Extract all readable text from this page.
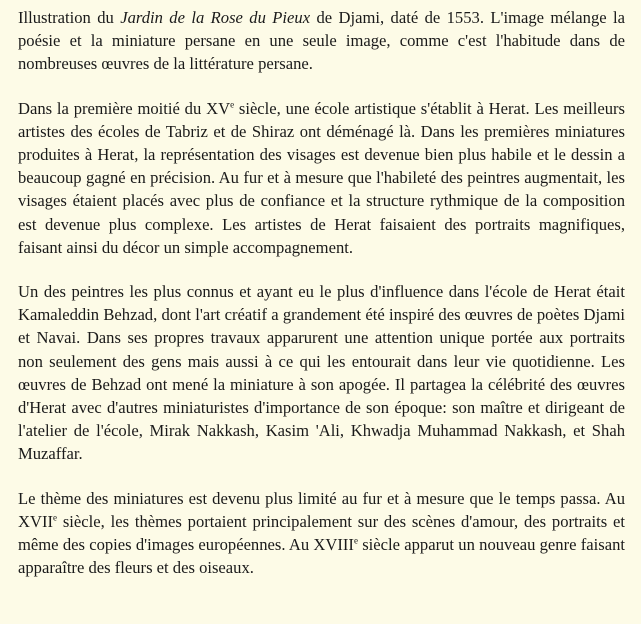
Illustration du Jardin de la Rose du Pieux de Djami, daté de 1553. L'image mélange la poésie et la miniature persane en une seule image, comme c'est l'habitude dans de nombreuses œuvres de la littérature persane.

Dans la première moitié du XVe siècle, une école artistique s'établit à Herat. Les meilleurs artistes des écoles de Tabriz et de Shiraz ont déménagé là. Dans les premières miniatures produites à Herat, la représentation des visages est devenue bien plus habile et le dessin a beaucoup gagné en précision. Au fur et à mesure que l'habileté des peintres augmentait, les visages étaient placés avec plus de confiance et la structure rythmique de la composition est devenue plus complexe. Les artistes de Herat faisaient des portraits magnifiques, faisant ainsi du décor un simple accompagnement.

Un des peintres les plus connus et ayant eu le plus d'influence dans l'école de Herat était Kamaleddin Behzad, dont l'art créatif a grandement été inspiré des œuvres de poètes Djami et Navai. Dans ses propres travaux apparurent une attention unique portée aux portraits non seulement des gens mais aussi à ce qui les entourait dans leur vie quotidienne. Les œuvres de Behzad ont mené la miniature à son apogée. Il partagea la célébrité des œuvres d'Herat avec d'autres miniaturistes d'importance de son époque: son maître et dirigeant de l'atelier de l'école, Mirak Nakkash, Kasim 'Ali, Khwadja Muhammad Nakkash, et Shah Muzaffar.

Le thème des miniatures est devenu plus limité au fur et à mesure que le temps passa. Au XVIIe siècle, les thèmes portaient principalement sur des scènes d'amour, des portraits et même des copies d'images européennes. Au XVIIIe siècle apparut un nouveau genre faisant apparaître des fleurs et des oiseaux.
